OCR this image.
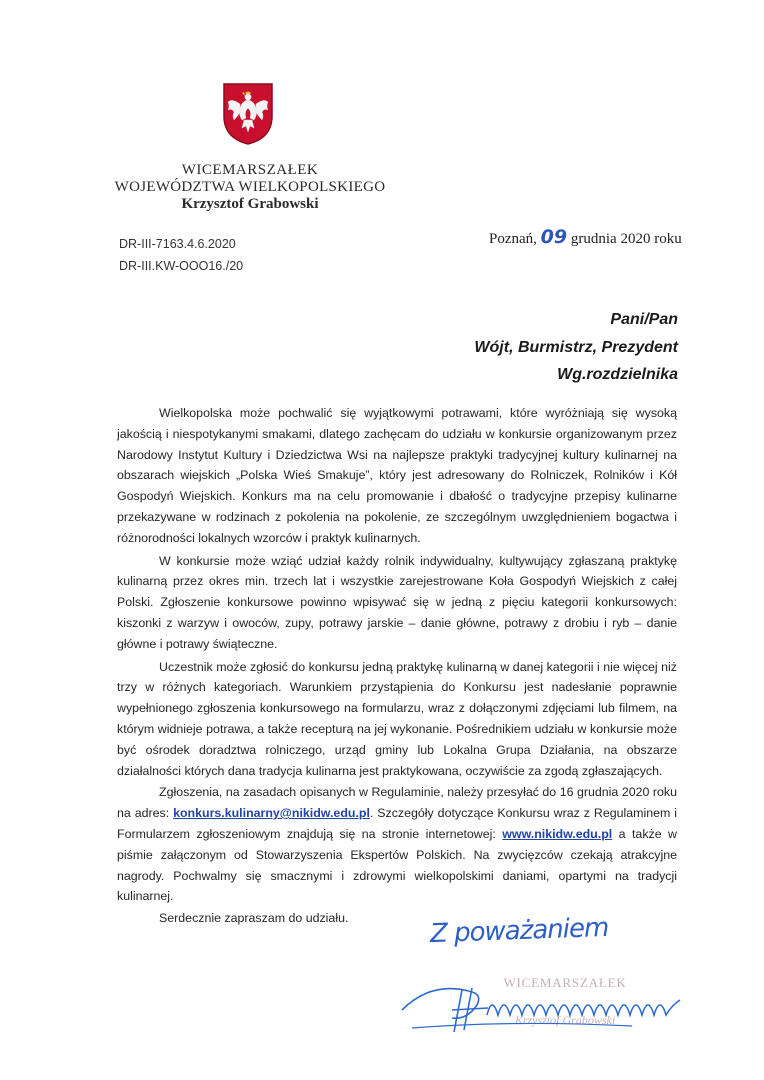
WICEMARSZAŁEK
WOJEWÓDZTWA WIELKOPOLSKIEGO
Krzysztof Grabowski
DR-III-7163.4.6.2020
DR-III.KW-OOO16./20
Poznań, 09 grudnia 2020 roku
Pani/Pan
Wójt, Burmistrz, Prezydent
Wg.rozdzielnika

Wielkopolska może pochwalić się wyjątkowymi potrawami, które wyróżniają się wysoką jakością i niespotykanymi smakami, dlatego zachęcam do udziału w konkursie organizowanym przez Narodowy Instytut Kultury i Dziedzictwa Wsi na najlepsze praktyki tradycyjnej kultury kulinarnej na obszarach wiejskich „Polska Wieś Smakuje”, który jest adresowany do Rolniczek, Rolników i Kół Gospodyń Wiejskich. Konkurs ma na celu promowanie i dbałość o tradycyjne przepisy kulinarne przekazywane w rodzinach z pokolenia na pokolenie, ze szczególnym uwzględnieniem bogactwa i różnorodności lokalnych wzorców i praktyk kulinarnych.

W konkursie może wziąć udział każdy rolnik indywidualny, kultywujący zgłaszaną praktykę kulinarną przez okres min. trzech lat i wszystkie zarejestrowane Koła Gospodyń Wiejskich z całej Polski. Zgłoszenie konkursowe powinno wpisywać się w jedną z pięciu kategorii konkursowych: kiszonki z warzyw i owoców, zupy, potrawy jarskie – danie główne, potrawy z drobiu i ryb – danie główne i potrawy świąteczne.

Uczestnik może zgłosić do konkursu jedną praktykę kulinarną w danej kategorii i nie więcej niż trzy w różnych kategoriach. Warunkiem przystąpienia do Konkursu jest nadesłanie poprawnie wypełnionego zgłoszenia konkursowego na formularzu, wraz z dołączonymi zdjęciami lub filmem, na którym widnieje potrawa, a także recepturą na jej wykonanie. Pośrednikiem udziału w konkursie może być ośrodek doradztwa rolniczego, urząd gminy lub Lokalna Grupa Działania, na obszarze działalności których dana tradycja kulinarna jest praktykowana, oczywiście za zgodą zgłaszających.

Zgłoszenia, na zasadach opisanych w Regulaminie, należy przesyłać do 16 grudnia 2020 roku na adres: konkurs.kulinarny@nikidw.edu.pl. Szczegóły dotyczące Konkursu wraz z Regulaminem i Formularzem zgłoszeniowym znajdują się na stronie internetowej: www.nikidw.edu.pl a także w piśmie załączonym od Stowarzyszenia Ekspertów Polskich. Na zwycięzców czekają atrakcyjne nagrody. Pochwalmy się smacznymi i zdrowymi wielkopolskimi daniami, opartymi na tradycji kulinarnej.

Serdecznie zapraszam do udziału.	Z poważaniem
WICEMARSZAŁEK
Krzysztof Grabowski
